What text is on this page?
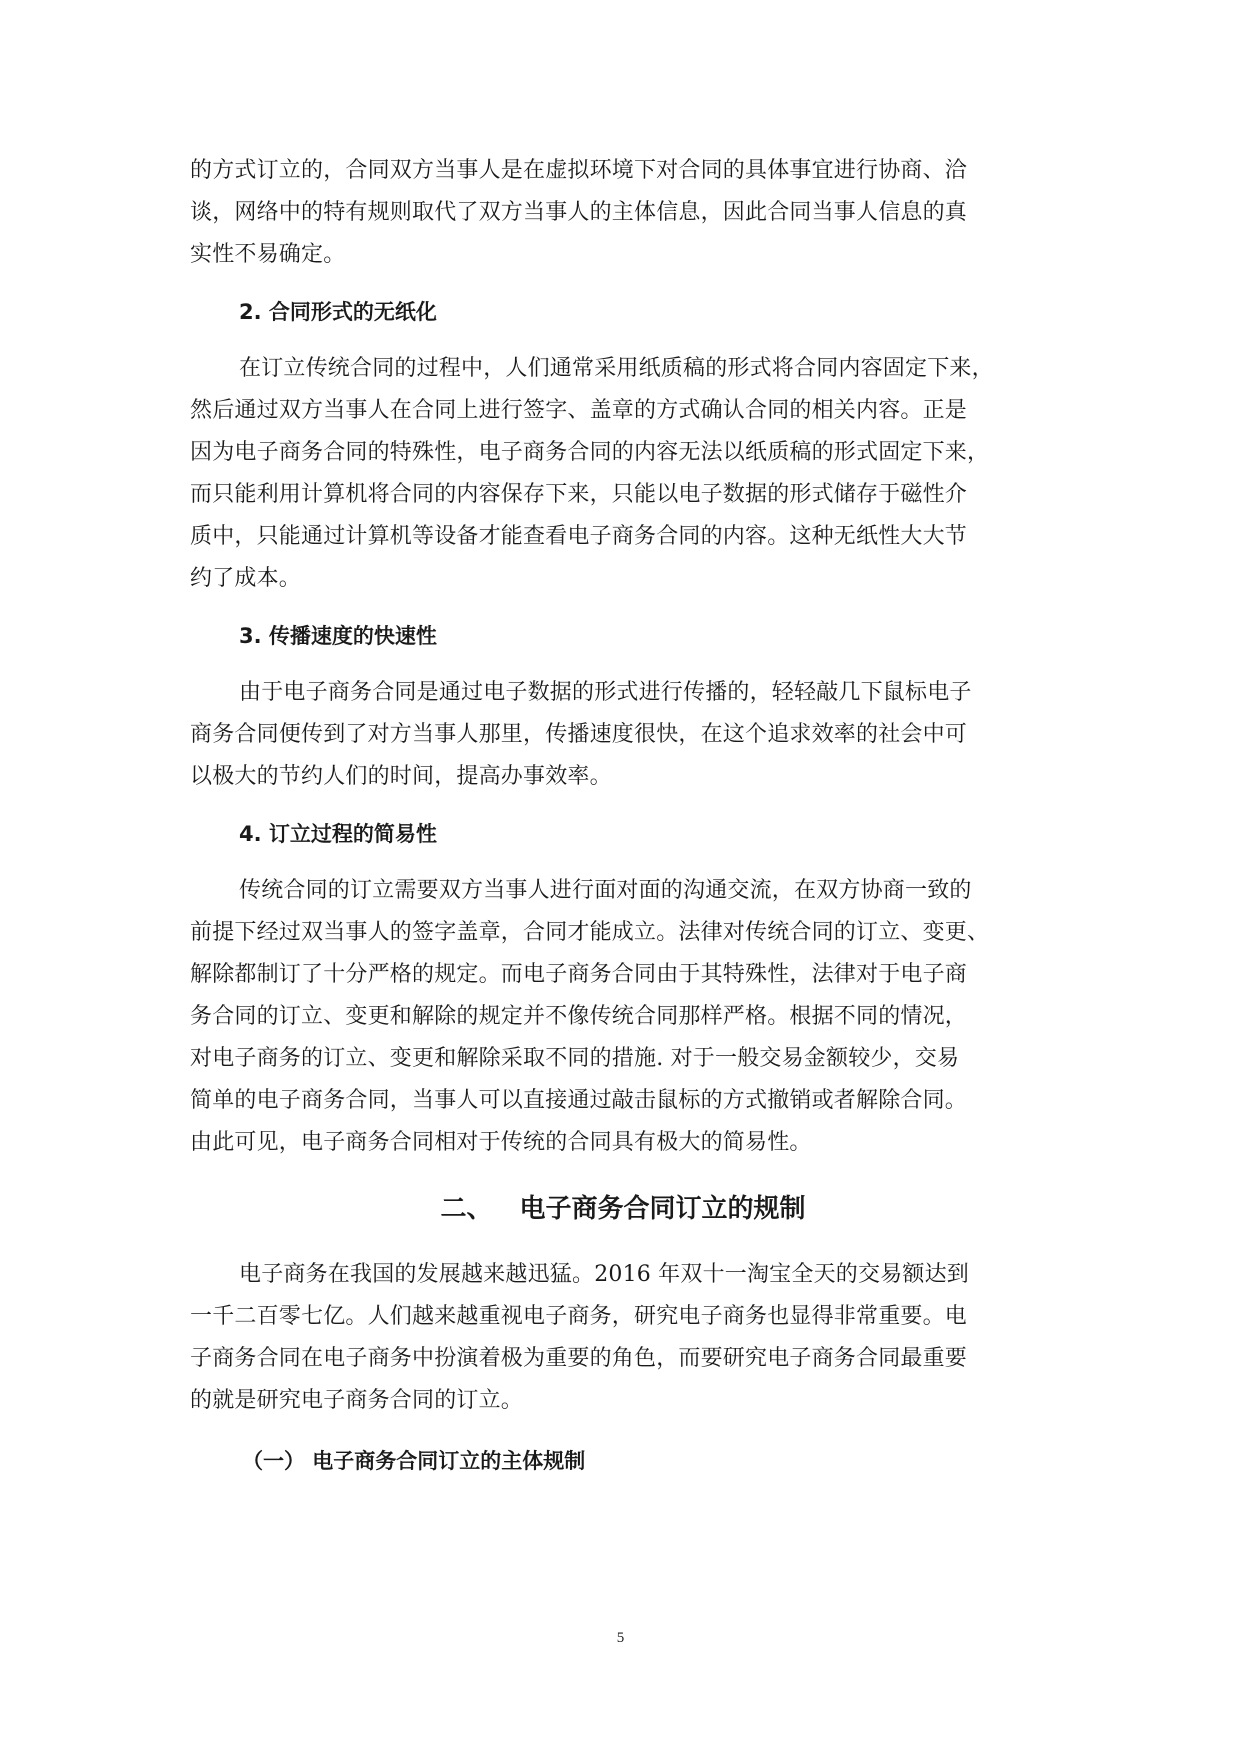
的方式订立的，合同双方当事人是在虚拟环境下对合同的具体事宜进行协商、洽
谈，网络中的特有规则取代了双方当事人的主体信息，因此合同当事人信息的真
实性不易确定。
2. 合同形式的无纸化
在订立传统合同的过程中，人们通常采用纸质稿的形式将合同内容固定下来，
然后通过双方当事人在合同上进行签字、盖章的方式确认合同的相关内容。正是
因为电子商务合同的特殊性，电子商务合同的内容无法以纸质稿的形式固定下来，
而只能利用计算机将合同的内容保存下来，只能以电子数据的形式储存于磁性介
质中，只能通过计算机等设备才能查看电子商务合同的内容。这种无纸性大大节
约了成本。
3. 传播速度的快速性
由于电子商务合同是通过电子数据的形式进行传播的，轻轻敲几下鼠标电子
商务合同便传到了对方当事人那里，传播速度很快，在这个追求效率的社会中可
以极大的节约人们的时间，提高办事效率。
4. 订立过程的简易性
传统合同的订立需要双方当事人进行面对面的沟通交流，在双方协商一致的
前提下经过双当事人的签字盖章，合同才能成立。法律对传统合同的订立、变更、
解除都制订了十分严格的规定。而电子商务合同由于其特殊性，法律对于电子商
务合同的订立、变更和解除的规定并不像传统合同那样严格。根据不同的情况，
对电子商务的订立、变更和解除采取不同的措施. 对于一般交易金额较少，交易
简单的电子商务合同，当事人可以直接通过敲击鼠标的方式撤销或者解除合同。
由此可见，电子商务合同相对于传统的合同具有极大的简易性。
二、 电子商务合同订立的规制
电子商务在我国的发展越来越迅猛。2016 年双十一淘宝全天的交易额达到
一千二百零七亿。人们越来越重视电子商务，研究电子商务也显得非常重要。电
子商务合同在电子商务中扮演着极为重要的角色，而要研究电子商务合同最重要
的就是研究电子商务合同的订立。
（一） 电子商务合同订立的主体规制
5
